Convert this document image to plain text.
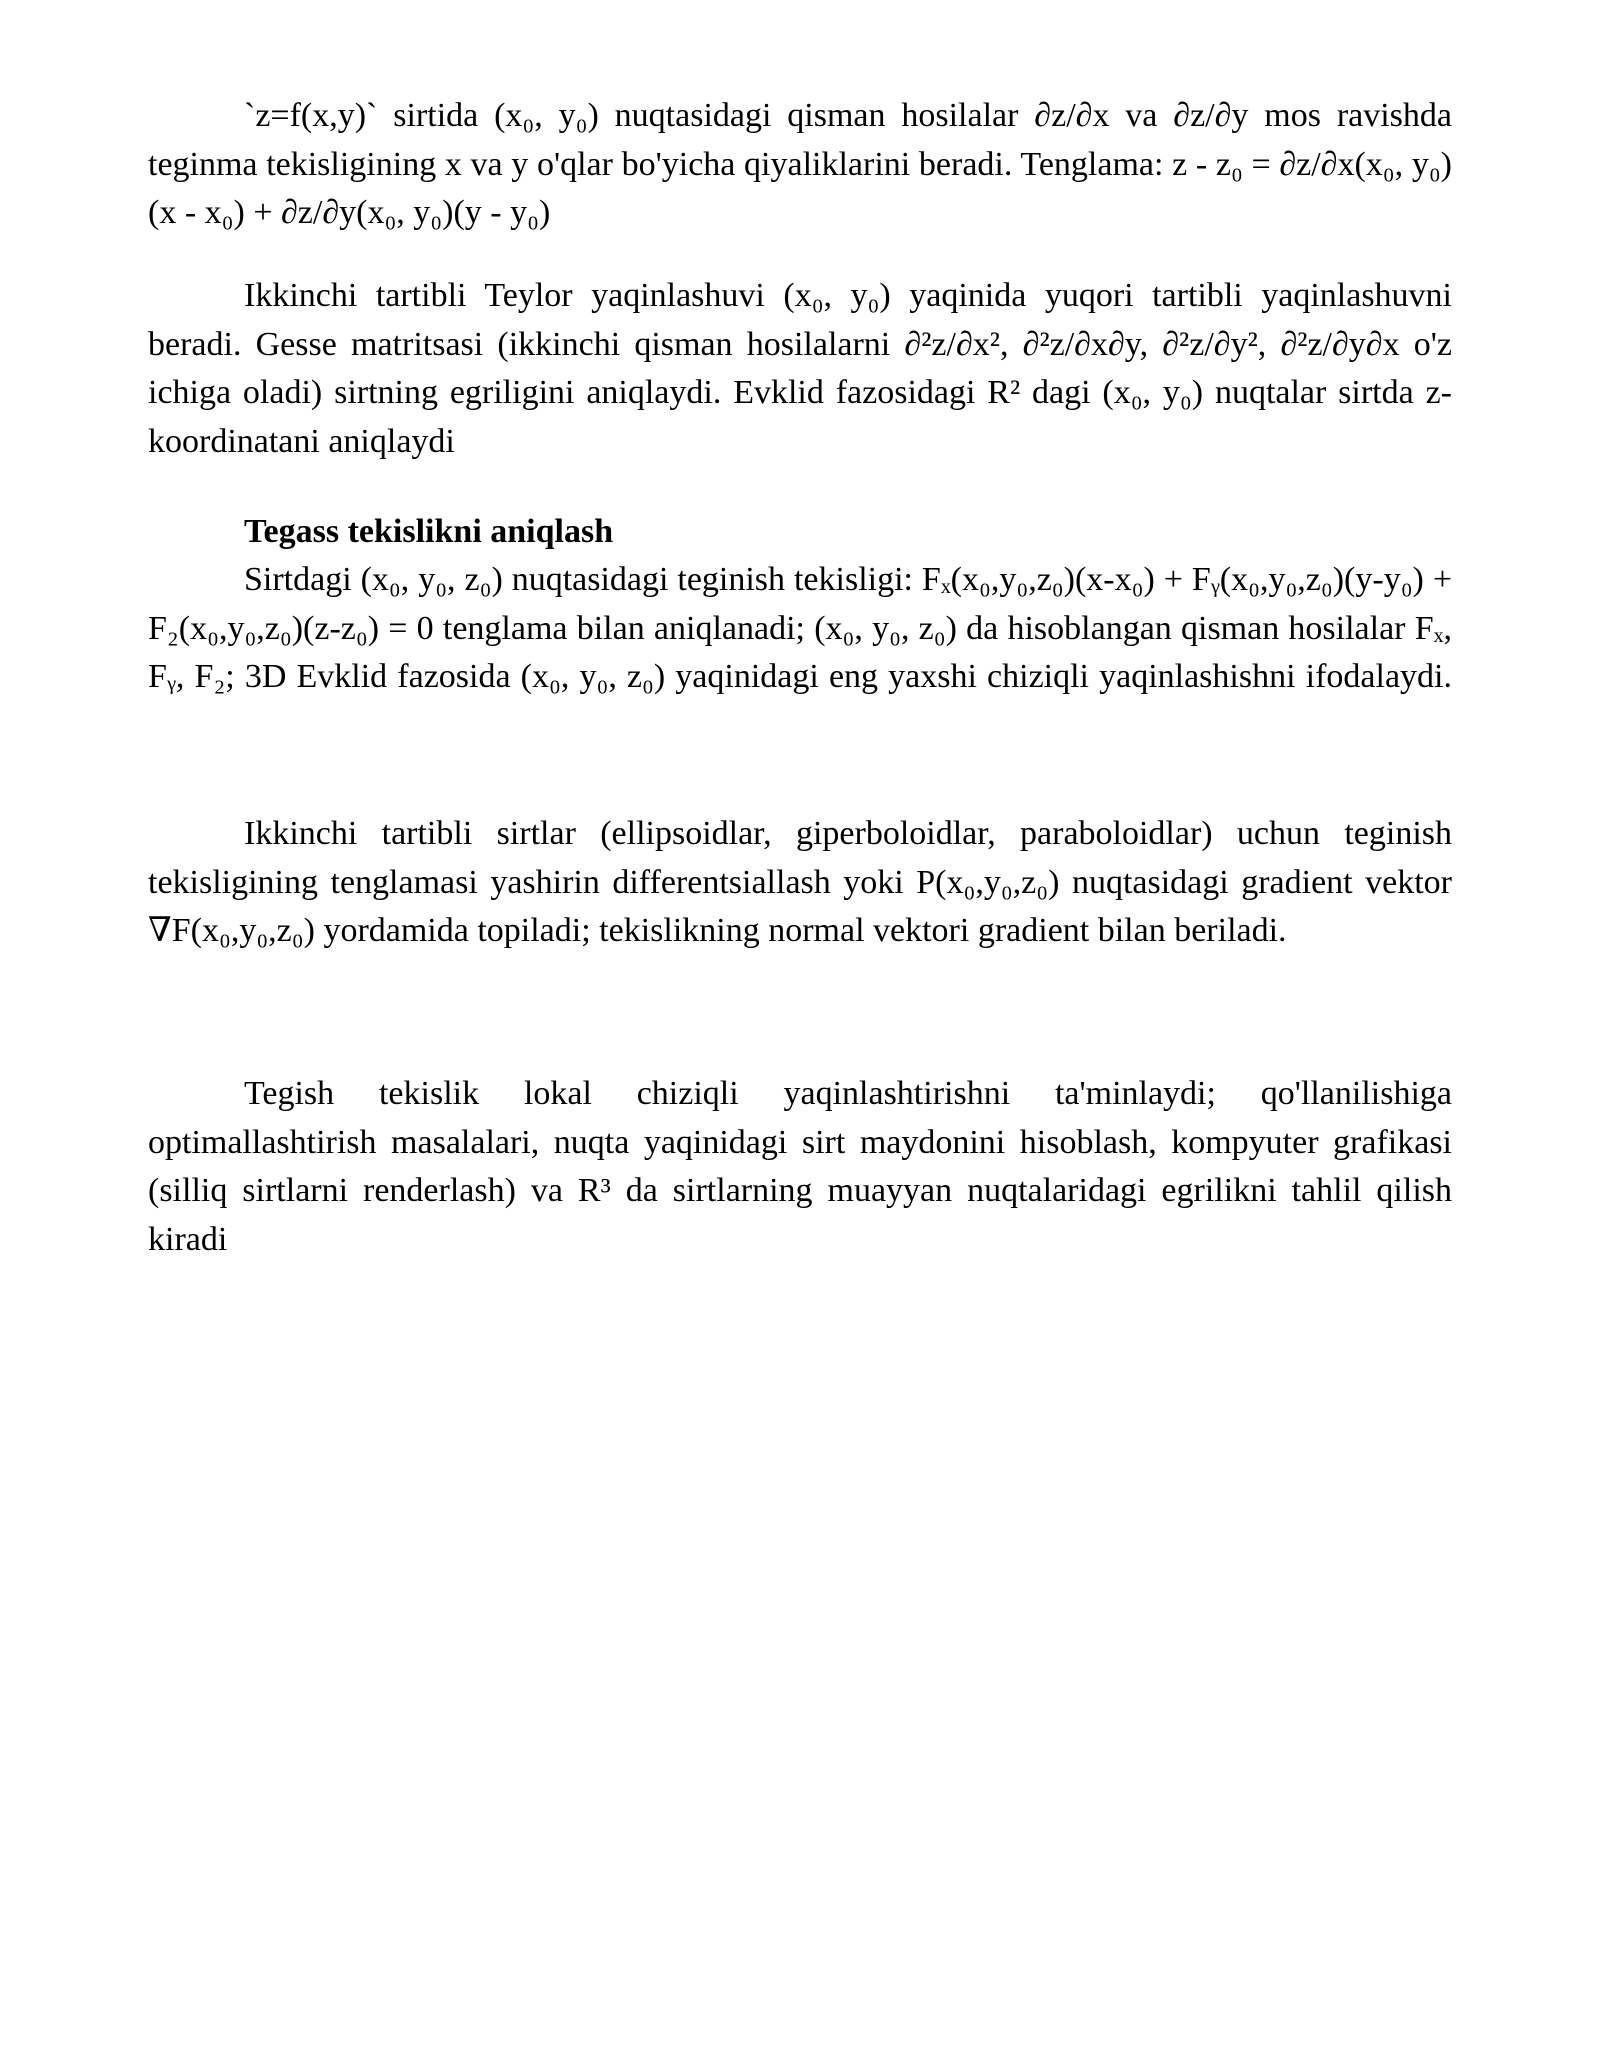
`z=f(x,y)` sirtida (x₀, y₀) nuqtasidagi qisman hosilalar ∂z/∂x va ∂z/∂y mos ravishda teginma tekisligining x va y o'qlar bo'yicha qiyaliklarini beradi. Tenglama: z - z₀ = ∂z/∂x(x₀, y₀)(x - x₀) + ∂z/∂y(x₀, y₀)(y - y₀)

Ikkinchi tartibli Teylor yaqinlashuvi (x₀, y₀) yaqinida yuqori tartibli yaqinlashuvni beradi. Gesse matritsasi (ikkinchi qisman hosilalarni ∂²z/∂x², ∂²z/∂x∂y, ∂²z/∂y², ∂²z/∂y∂x o'z ichiga oladi) sirtning egriligini aniqlaydi. Evklid fazosidagi R² dagi (x₀, y₀) nuqtalar sirtda z-koordinatani aniqlaydi

Tegass tekislikni aniqlash

Sirtdagi (x₀, y₀, z₀) nuqtasidagi teginish tekisligi: Fₓ(x₀,y₀,z₀)(x-x₀) + Fᵧ(x₀,y₀,z₀)(y-y₀) + F₂(x₀,y₀,z₀)(z-z₀) = 0 tenglama bilan aniqlanadi; (x₀, y₀, z₀) da hisoblangan qisman hosilalar Fₓ, Fᵧ, F₂; 3D Evklid fazosida (x₀, y₀, z₀) yaqinidagi eng yaxshi chiziqli yaqinlashishni ifodalaydi.

Ikkinchi tartibli sirtlar (ellipsoidlar, giperboloidlar, paraboloidlar) uchun teginish tekisligining tenglamasi yashirin differentsiallash yoki P(x₀,y₀,z₀) nuqtasidagi gradient vektor ∇F(x₀,y₀,z₀) yordamida topiladi; tekislikning normal vektori gradient bilan beriladi.

Tegish tekislik lokal chiziqli yaqinlashtirishni ta'minlaydi; qo'llanilishiga optimallashtirish masalalari, nuqta yaqinidagi sirt maydonini hisoblash, kompyuter grafikasi (silliq sirtlarni renderlash) va R³ da sirtlarning muayyan nuqtalaridagi egrilikni tahlil qilish kiradi
